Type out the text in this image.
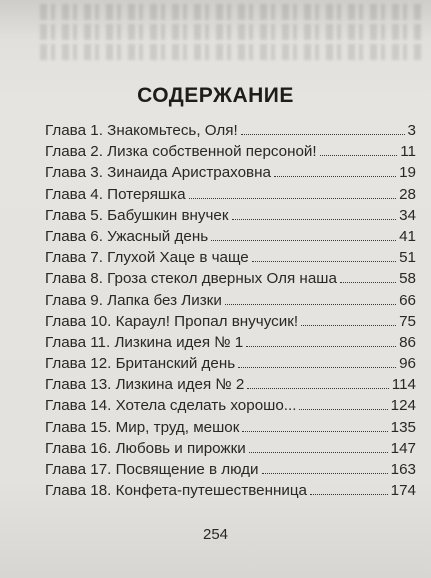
СОДЕРЖАНИЕ
Глава 1. Знакомьтесь, Оля!	3
Глава 2. Лизка собственной персоной!	11
Глава 3. Зинаида Аристраховна	19
Глава 4. Потеряшка	28
Глава 5. Бабушкин внучек	34
Глава 6. Ужасный день	41
Глава 7. Глухой Хаце в чаще	51
Глава 8. Гроза стекол дверных Оля наша	58
Глава 9. Лапка без Лизки	66
Глава 10. Караул! Пропал внучусик!	75
Глава 11. Лизкина идея № 1	86
Глава 12. Британский день	96
Глава 13. Лизкина идея № 2	114
Глава 14. Хотела сделать хорошо...	124
Глава 15. Мир, труд, мешок	135
Глава 16. Любовь и пирожки	147
Глава 17. Посвящение в люди	163
Глава 18. Конфета-путешественница	174
254
